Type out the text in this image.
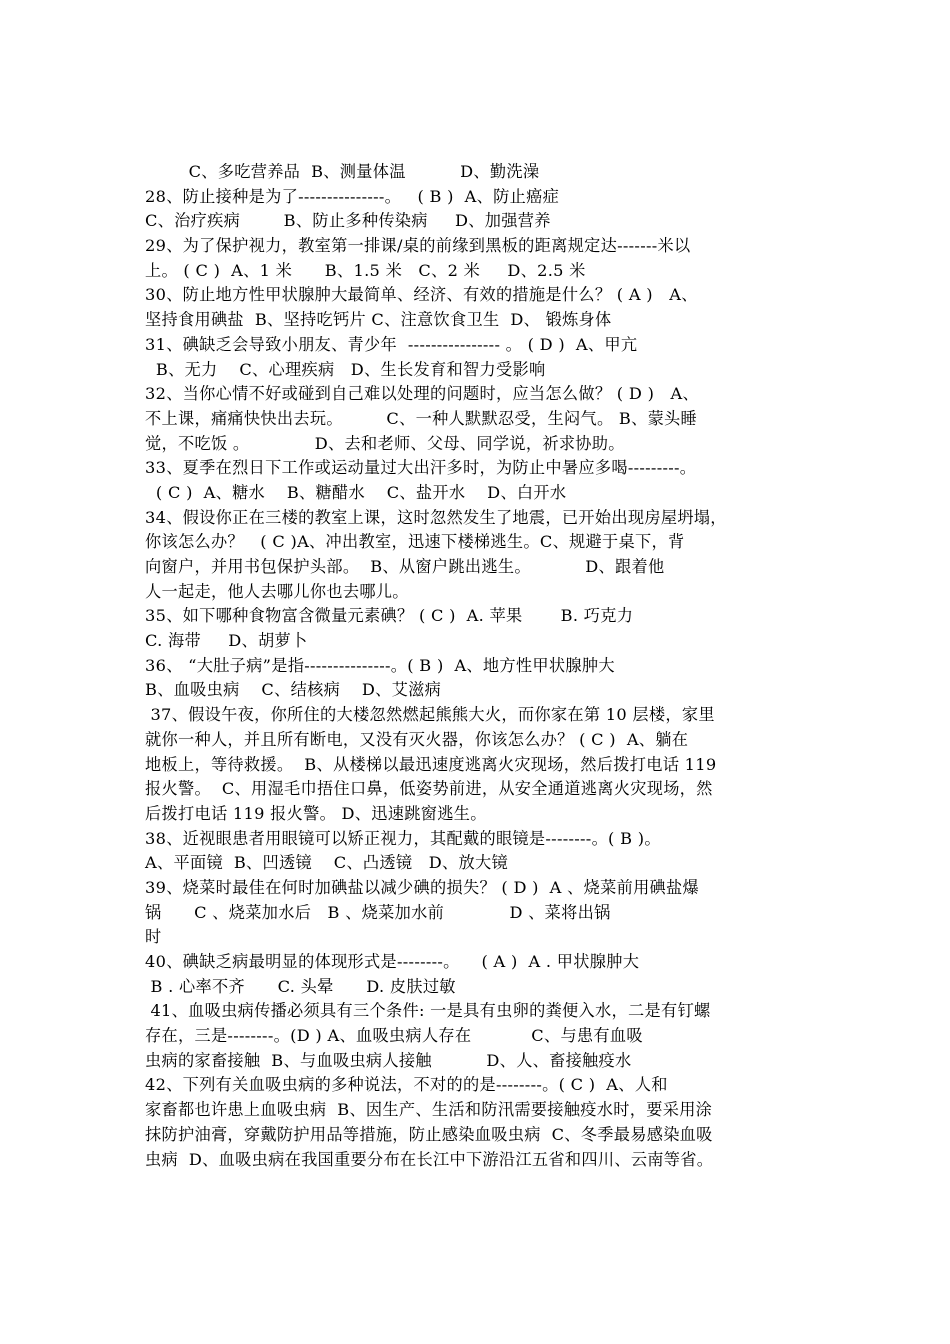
C、多吃营养品  B、测量体温          D、勤洗澡
28、防止接种是为了---------------。   ( B )  A、防止癌症
C、治疗疾病        B、防止多种传染病     D、加强营养
29、为了保护视力，教室第一排课/桌的前缘到黑板的距离规定达-------米以
上。 ( C )  A、1 米      B、1.5 米   C、2 米     D、2.5 米
30、防止地方性甲状腺肿大最简单、经济、有效的措施是什么？ ( A )   A、
坚持食用碘盐  B、坚持吃钙片 C、注意饮食卫生  D、 锻炼身体
31、碘缺乏会导致小朋友、青少年  ---------------- 。 ( D )  A、甲亢
B、无力    C、心理疾病   D、生长发育和智力受影响
32、当你心情不好或碰到自己难以处理的问题时，应当怎么做？ ( D )   A、
不上课，痛痛快快出去玩。        C、一种人默默忍受，生闷气。 B、蒙头睡
觉，不吃饭 。            D、去和老师、父母、同学说，祈求协助。
33、夏季在烈日下工作或运动量过大出汗多时，为防止中暑应多喝---------。
( C )  A、糖水    B、糖醋水    C、盐开水    D、白开水
34、假设你正在三楼的教室上课，这时忽然发生了地震，已开始出现房屋坍塌，
你该怎么办？   ( C )A、冲出教室，迅速下楼梯逃生。C、规避于桌下，背
向窗户，并用书包保护头部。  B、从窗户跳出逃生。          D、跟着他
人一起走，他人去哪儿你也去哪儿。
35、如下哪种食物富含微量元素碘？ ( C )  A. 苹果       B. 巧克力
C. 海带     D、胡萝卜
36、 “大肚子病”是指---------------。( B )  A、地方性甲状腺肿大
B、血吸虫病    C、结核病    D、艾滋病
37、假设午夜，你所住的大楼忽然燃起熊熊大火，而你家在第 10 层楼，家里
就你一种人，并且所有断电，又没有灭火器，你该怎么办？ ( C )  A、躺在
地板上，等待救援。  B、从楼梯以最迅速度逃离火灾现场，然后拨打电话 119
报火警。  C、用湿毛巾捂住口鼻，低姿势前进，从安全通道逃离火灾现场，然
后拨打电话 119 报火警。 D、迅速跳窗逃生。
38、近视眼患者用眼镜可以矫正视力，其配戴的眼镜是--------。( B )。
A、平面镜  B、凹透镜    C、凸透镜   D、放大镜
39、烧菜时最佳在何时加碘盐以减少碘的损失？ ( D )  A 、烧菜前用碘盐爆
锅      C 、烧菜加水后   B 、烧菜加水前            D 、菜将出锅
时
40、碘缺乏病最明显的体现形式是--------。    ( A )  A . 甲状腺肿大
B . 心率不齐      C. 头晕      D. 皮肤过敏
41、血吸虫病传播必须具有三个条件: 一是具有虫卵的粪便入水，二是有钉螺
存在，三是--------。(D ) A、血吸虫病人存在           C、与患有血吸
虫病的家畜接触  B、与血吸虫病人接触          D、人、畜接触疫水
42、下列有关血吸虫病的多种说法，不对的的是--------。( C )  A、人和
家畜都也许患上血吸虫病  B、因生产、生活和防汛需要接触疫水时，要采用涂
抹防护油膏，穿戴防护用品等措施，防止感染血吸虫病  C、冬季最易感染血吸
虫病  D、血吸虫病在我国重要分布在长江中下游沿江五省和四川、云南等省。
